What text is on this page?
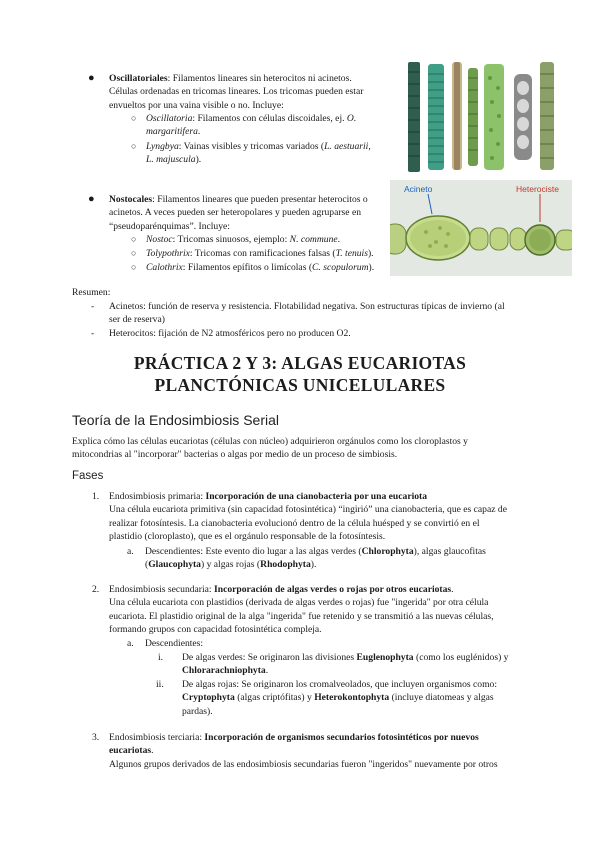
● Oscillatoriales: Filamentos lineares sin heterocitos ni acinetos.
Células ordenadas en tricomas lineares. Los tricomas pueden estar
envueltos por una vaina visible o no. Incluye:
○ Oscillatoria: Filamentos con células discoidales, ej. O.
margaritifera.
○ Lyngbya: Vainas visibles y tricomas variados (L. aestuarii,
L. majuscula).
● Nostocales: Filamentos lineares que pueden presentar heterocitos o
acinetos. A veces pueden ser heteropolares y pueden agruparse en
“pseudoparénquimas”. Incluye:
○ Nostoc: Tricomas sinuosos, ejemplo: N. commune.
○ Tolypothrix: Tricomas con ramificaciones falsas (T. tenuis).
○ Calothrix: Filamentos epífitos o limícolas (C. scopulorum).
Acineto	Heterociste
Resumen:
- Acinetos: función de reserva y resistencia. Flotabilidad negativa. Son estructuras típicas de invierno (al
ser de reserva)
- Heterocitos: fijación de N2 atmosféricos pero no producen O2.
PRÁCTICA 2 Y 3: ALGAS EUCARIOTAS
PLANCTÓNICAS UNICELULARES
Teoría de la Endosimbiosis Serial
Explica cómo las células eucariotas (células con núcleo) adquirieron orgánulos como los cloroplastos y
mitocondrias al "incorporar" bacterias o algas por medio de un proceso de simbiosis.
Fases
1. Endosimbiosis primaria: Incorporación de una cianobacteria por una eucariota
Una célula eucariota primitiva (sin capacidad fotosintética) “ingirió” una cianobacteria, que es capaz de
realizar fotosíntesis. La cianobacteria evolucionó dentro de la célula huésped y se convirtió en el
plastidio (cloroplasto), que es el orgánulo responsable de la fotosíntesis.
a. Descendientes: Este evento dio lugar a las algas verdes (Chlorophyta), algas glaucofitas
(Glaucophyta) y algas rojas (Rhodophyta).
2. Endosimbiosis secundaria: Incorporación de algas verdes o rojas por otros eucariotas.
Una célula eucariota con plastidios (derivada de algas verdes o rojas) fue "ingerida" por otra célula
eucariota. El plastidio original de la alga "ingerida" fue retenido y se transmitió a las nuevas células,
formando grupos con capacidad fotosintética compleja.
a. Descendientes:
i. De algas verdes: Se originaron las divisiones Euglenophyta (como los euglénidos) y
Chlorarachniophyta.
ii. De algas rojas: Se originaron los cromalveolados, que incluyen organismos como:
Cryptophyta (algas criptófitas) y Heterokontophyta (incluye diatomeas y algas
pardas).
3. Endosimbiosis terciaria: Incorporación de organismos secundarios fotosintéticos por nuevos
eucariotas.
Algunos grupos derivados de las endosimbiosis secundarias fueron "ingeridos" nuevamente por otros
